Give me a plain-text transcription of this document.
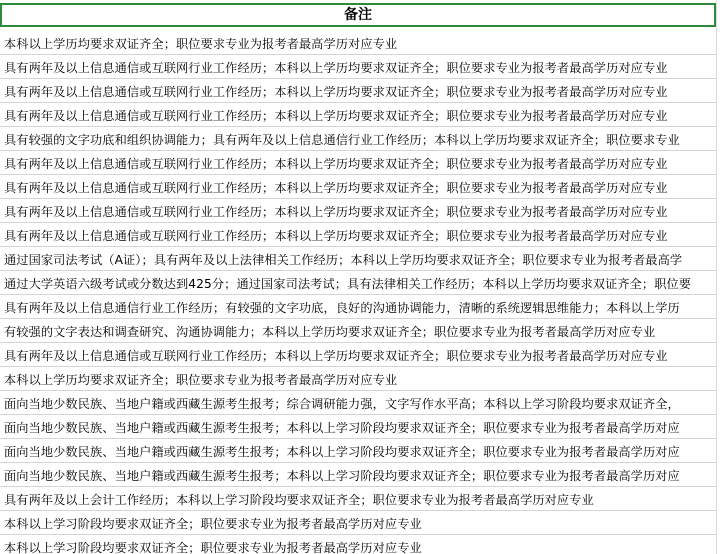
备注
本科以上学历均要求双证齐全；职位要求专业为报考者最高学历对应专业
具有两年及以上信息通信或互联网行业工作经历；本科以上学历均要求双证齐全；职位要求专业为报考者最高学历对应专业
具有两年及以上信息通信或互联网行业工作经历；本科以上学历均要求双证齐全；职位要求专业为报考者最高学历对应专业
具有两年及以上信息通信或互联网行业工作经历；本科以上学历均要求双证齐全；职位要求专业为报考者最高学历对应专业
具有较强的文字功底和组织协调能力；具有两年及以上信息通信行业工作经历；本科以上学历均要求双证齐全；职位要求专业
具有两年及以上信息通信或互联网行业工作经历；本科以上学历均要求双证齐全；职位要求专业为报考者最高学历对应专业
具有两年及以上信息通信或互联网行业工作经历；本科以上学历均要求双证齐全；职位要求专业为报考者最高学历对应专业
具有两年及以上信息通信或互联网行业工作经历；本科以上学历均要求双证齐全；职位要求专业为报考者最高学历对应专业
具有两年及以上信息通信或互联网行业工作经历；本科以上学历均要求双证齐全；职位要求专业为报考者最高学历对应专业
通过国家司法考试（A证）；具有两年及以上法律相关工作经历；本科以上学历均要求双证齐全；职位要求专业为报考者最高学
通过大学英语六级考试或分数达到425分；通过国家司法考试；具有法律相关工作经历；本科以上学历均要求双证齐全；职位要
具有两年及以上信息通信行业工作经历；有较强的文字功底，良好的沟通协调能力，清晰的系统逻辑思维能力；本科以上学历
有较强的文字表达和调查研究、沟通协调能力；本科以上学历均要求双证齐全；职位要求专业为报考者最高学历对应专业
具有两年及以上信息通信或互联网行业工作经历；本科以上学历均要求双证齐全；职位要求专业为报考者最高学历对应专业
本科以上学历均要求双证齐全；职位要求专业为报考者最高学历对应专业
面向当地少数民族、当地户籍或西藏生源考生报考；综合调研能力强，文字写作水平高；本科以上学习阶段均要求双证齐全，
面向当地少数民族、当地户籍或西藏生源考生报考；本科以上学习阶段均要求双证齐全；职位要求专业为报考者最高学历对应
面向当地少数民族、当地户籍或西藏生源考生报考；本科以上学习阶段均要求双证齐全；职位要求专业为报考者最高学历对应
面向当地少数民族、当地户籍或西藏生源考生报考；本科以上学习阶段均要求双证齐全；职位要求专业为报考者最高学历对应
具有两年及以上会计工作经历；本科以上学习阶段均要求双证齐全；职位要求专业为报考者最高学历对应专业
本科以上学习阶段均要求双证齐全；职位要求专业为报考者最高学历对应专业
本科以上学习阶段均要求双证齐全；职位要求专业为报考者最高学历对应专业
